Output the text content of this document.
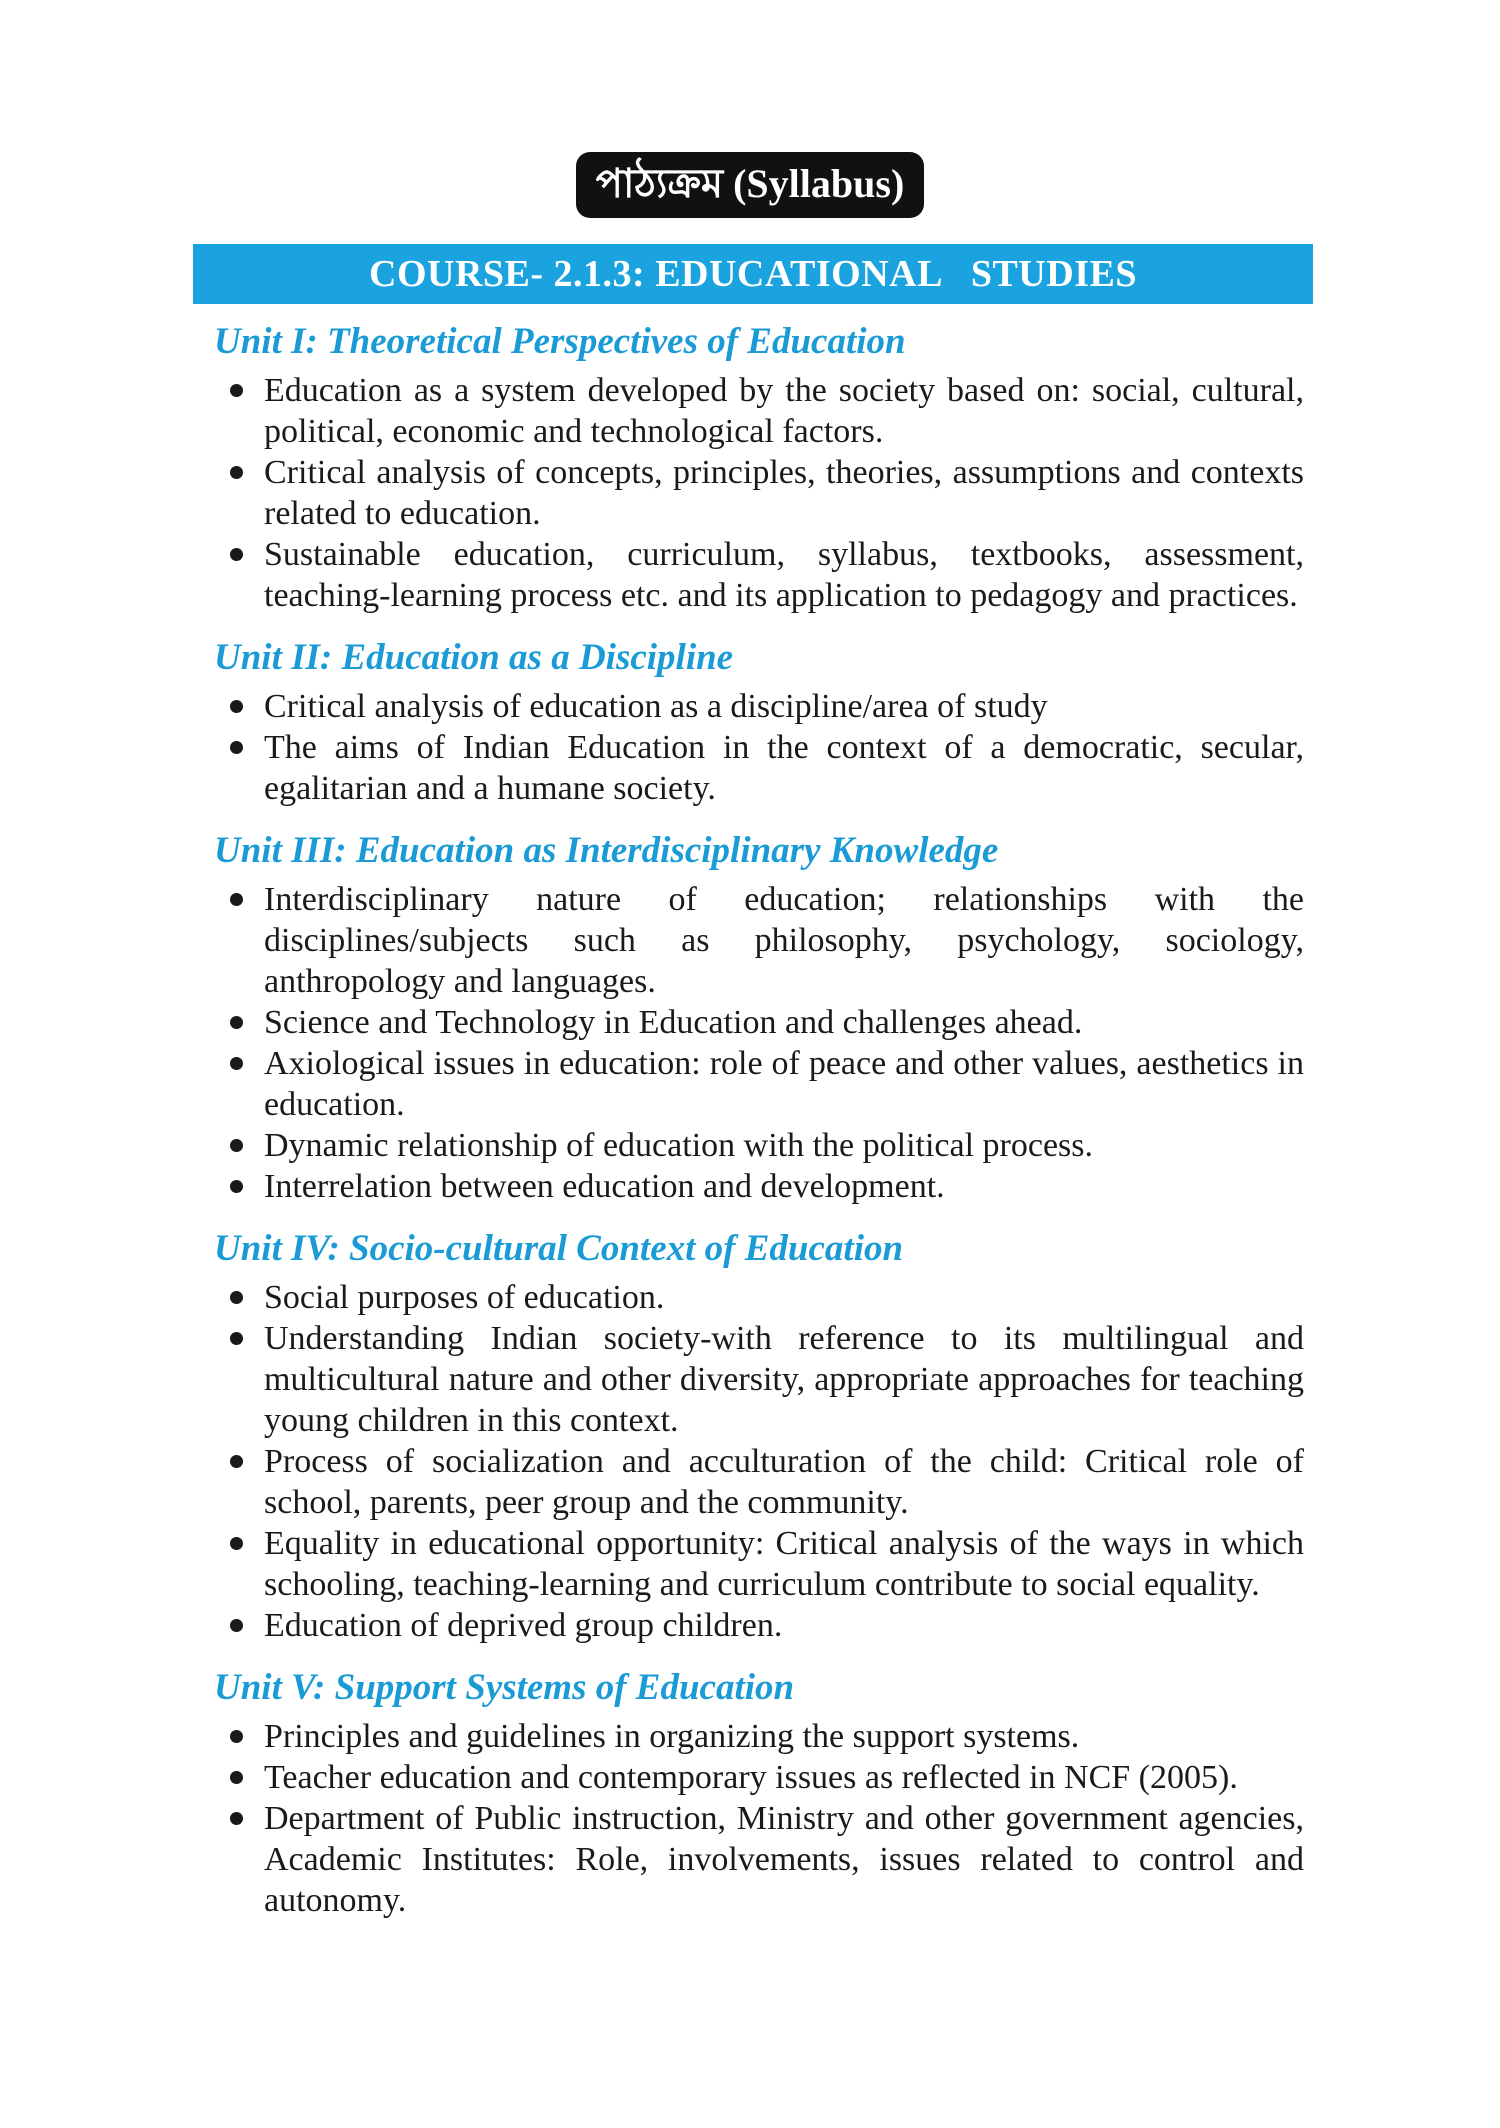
পাঠ্যক্রম (Syllabus)
COURSE- 2.1.3: EDUCATIONAL   STUDIES
Unit I: Theoretical Perspectives of Education
Education as a system developed by the society based on: social, cultural, political, economic and technological factors.
Critical analysis of concepts, principles, theories, assumptions and contexts related to education.
Sustainable education, curriculum, syllabus, textbooks, assessment, teaching-learning process etc. and its application to pedagogy and practices.
Unit II: Education as a Discipline
Critical analysis of education as a discipline/area of study
The aims of Indian Education in the context of a democratic, secular, egalitarian and a humane society.
Unit III: Education as Interdisciplinary Knowledge
Interdisciplinary nature of education; relationships with the disciplines/subjects such as philosophy, psychology, sociology, anthropology and languages.
Science and Technology in Education and challenges ahead.
Axiological issues in education: role of peace and other values, aesthetics in education.
Dynamic relationship of education with the political process.
Interrelation between education and development.
Unit IV: Socio-cultural Context of Education
Social purposes of education.
Understanding Indian society-with reference to its multilingual and multicultural nature and other diversity, appropriate approaches for teaching young children in this context.
Process of socialization and acculturation of the child: Critical role of school, parents, peer group and the community.
Equality in educational opportunity: Critical analysis of the ways in which schooling, teaching-learning and curriculum contribute to social equality.
Education of deprived group children.
Unit V: Support Systems of Education
Principles and guidelines in organizing the support systems.
Teacher education and contemporary issues as reflected in NCF (2005).
Department of Public instruction, Ministry and other government agencies, Academic Institutes: Role, involvements, issues related to control and autonomy.
